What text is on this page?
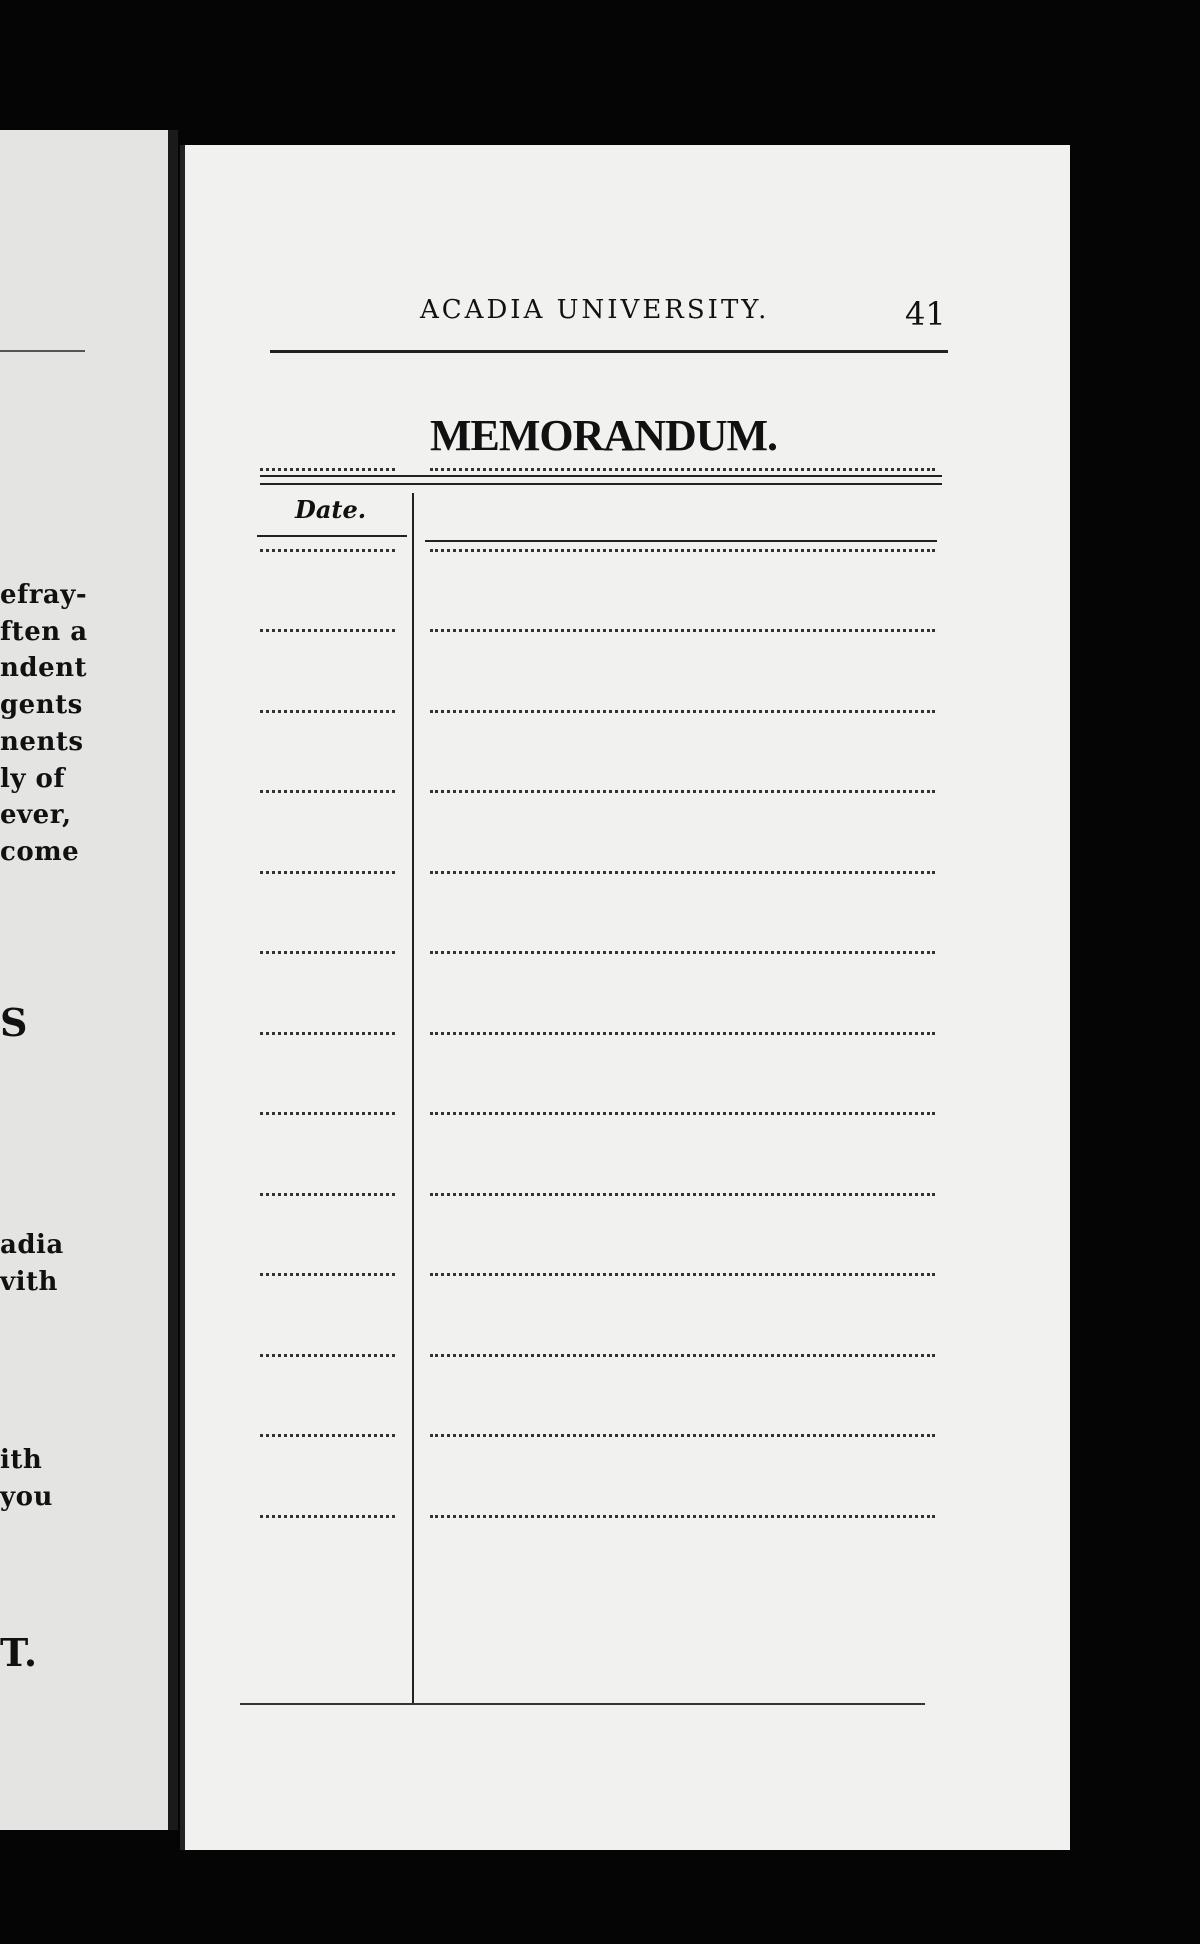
efray-
ften a
ndent
gents
nents
ly of
ever,
come
S
adia
vith
ith
you
T.
ACADIA UNIVERSITY.	41
MEMORANDUM.
Date.
